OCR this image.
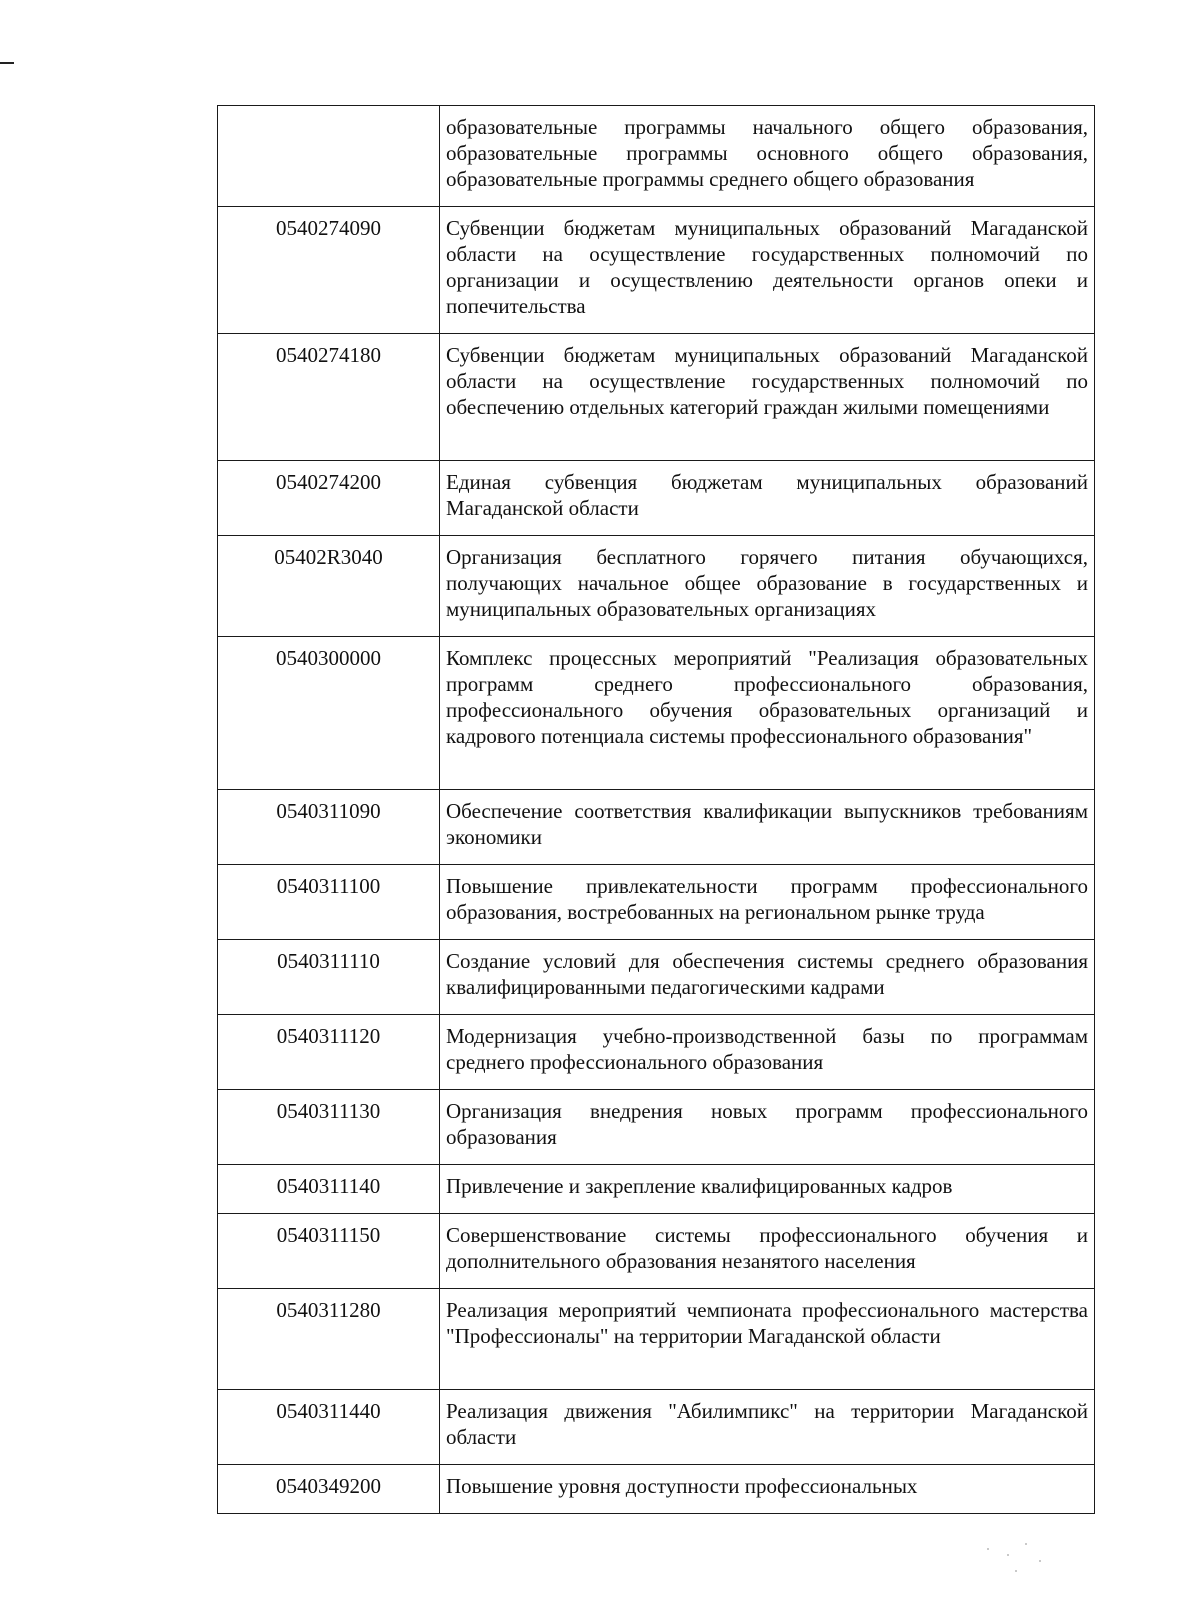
	образовательные программы начального общего образования, образовательные программы основного общего образования, образовательные программы среднего общего образования
0540274090	Субвенции бюджетам муниципальных образований Магаданской области на осуществление государственных полномочий по организации и осуществлению деятельности органов опеки и попечительства
0540274180	Субвенции бюджетам муниципальных образований Магаданской области на осуществление государственных полномочий по обеспечению отдельных категорий граждан жилыми помещениями
0540274200	Единая субвенция бюджетам муниципальных образований Магаданской области
05402R3040	Организация бесплатного горячего питания обучающихся, получающих начальное общее образование в государственных и муниципальных образовательных организациях
0540300000	Комплекс процессных мероприятий "Реализация образовательных программ среднего профессионального образования, профессионального обучения образовательных организаций и кадрового потенциала системы профессионального образования"
0540311090	Обеспечение соответствия квалификации выпускников требованиям экономики
0540311100	Повышение привлекательности программ профессионального образования, востребованных на региональном рынке труда
0540311110	Создание условий для обеспечения системы среднего образования квалифицированными педагогическими кадрами
0540311120	Модернизация учебно-производственной базы по программам среднего профессионального образования
0540311130	Организация внедрения новых программ профессионального образования
0540311140	Привлечение и закрепление квалифицированных кадров
0540311150	Совершенствование системы профессионального обучения и дополнительного образования незанятого населения
0540311280	Реализация мероприятий чемпионата профессионального мастерства "Профессионалы" на территории Магаданской области
0540311440	Реализация движения "Абилимпикс" на территории Магаданской области
0540349200	Повышение уровня доступности профессиональных
